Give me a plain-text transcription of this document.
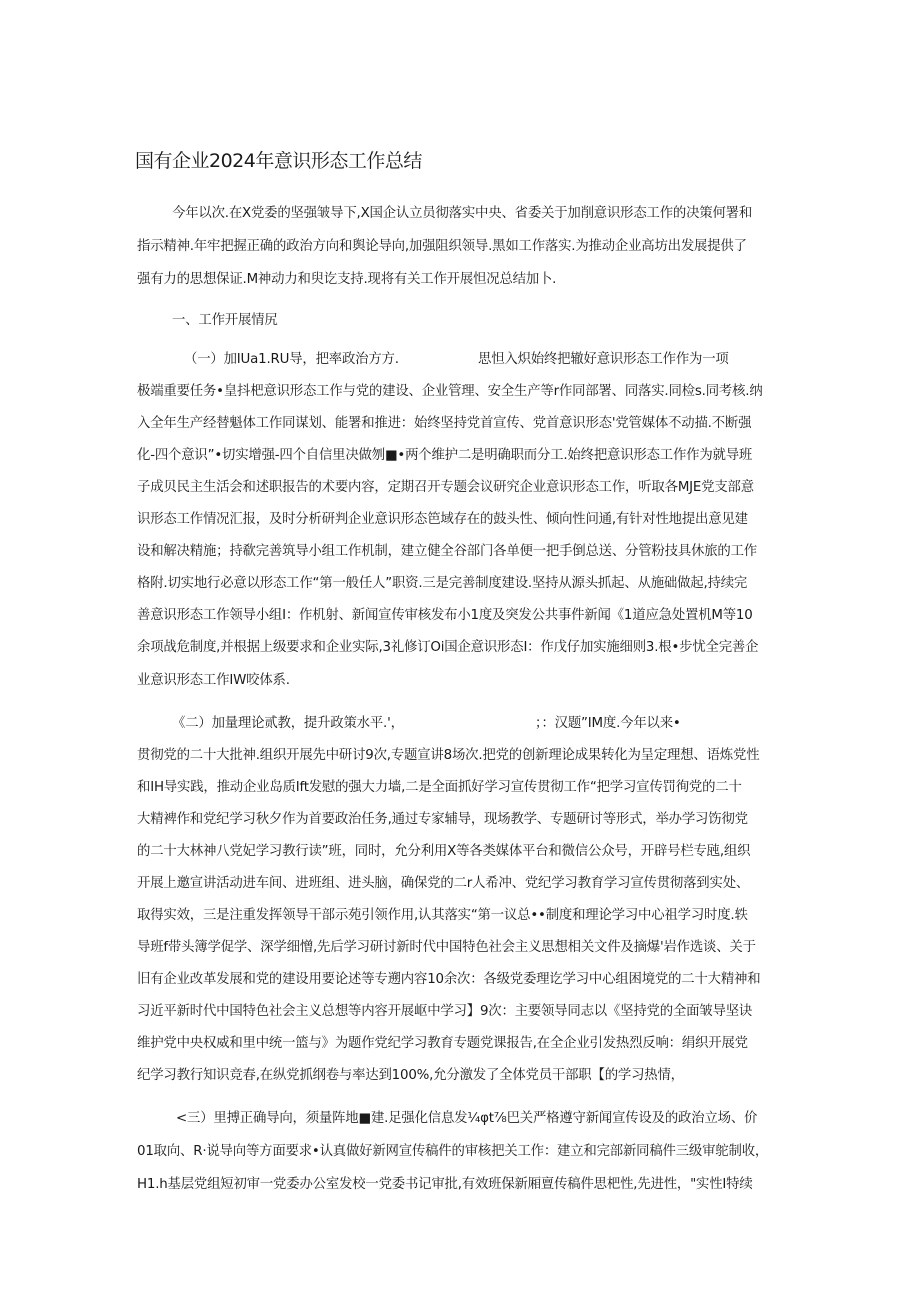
国有企业2024年意识形态工作总结
今年以次.在X党委的坚强皱导下,X国企认立员彻落实中央、省委关于加削意识形态工作的决策何署和
指示精神.年牢把握正确的政治方向和舆论导向,加强阻织领导.黑如工作落实.为推动企业高坊出发展提供了
强有力的思想保证.M神动力和臾讫支持.现将有关工作开展怛况总结加卜.
一、工作开展情尻
（一）加IUa1.RU导，把率政治方方.	思怛入炽始终把辙好意识形态工作作为一项
极端重要任务•皇抖杷意识形态工作与党的建设、企业管理、安全生产等r作同部署、同落实.同检s.同考核.纳
入全年生产经替魁体工作同谋划、能署和推进：始终坚持党首宣传、党首意识形态'党管媒体不动描.不断强
化-四个意识”•切实增强-四个自信里决做刎■•两个维护二是明确职而分工.始终把意识形态工作作为就导班
子成贝民主生活会和述职报告的术要内容，定期召开专题会议研究企业意识形态工作，听取各MJE党支部意
识形态工作情况汇报，及时分析研判企业意识形态笆域存在的鼓头性、倾向性问通,有针对性地提出意见建
设和解决精施；持欷完善筑导小组工作机制，建立健全谷部门各单便一把手倒总送、分管粉技具休旅的工作
格附.切实地行必意以形态工作“第一般任人”职资.三是完善制度建设.坚持从源头抓起、从施础做起,持续完
善意识形态工作领导小组I：作机射、新闻宣传审核发布小1度及突发公共事件新闻《1道应急处置机M等10
余项战危制度,并根据上级要求和企业实际,3礼修订Oi国企意识形态I：作戊仔加实施细则3.根•步忧全完善企
业意识形态工作IW咬体系.
《二）加量理论贰教，提升政策水平.'，	；：汉题”IM度.今年以来•
贯彻党的二十大批神.组织开展先中研讨9次,专题宣讲8场次.把党的创新理论成果转化为呈定理想、语炼党性
和IH导实践，推动企业岛质Ift发慰的强大力墙,二是全面抓好学习宣传贯彻工作“把学习宣传罚徇党的二十
大精裨作和党纪学习秋夕作为首要政治任务,通过专家辅导，现场教学、专题研讨等形式，举办学习饬彻党
的二十大林神八党妃学习教行读”班，同时，允分利用X等各类媒体平台和微信公众号，开辟号栏专瓲,组织
开展上邀宣讲活动进车间、进班组、进头脑，确保党的二r人希冲、党纪学习教育学习宣传贯彻落到实处、
取得实效，三是注重发挥领导干部示苑引领作用,认其落实“第一议总••制度和理论学习中心祖学习时度.轶
导班f带头簿学促学、深学细憎,先后学习研讨新时代中国特色社会主义思想相关文件及摘爆'岩作选谈、关于
旧有企业改革发展和党的建设用要论述等专遡内容10余次：各级党委理讫学习中心组困境党的二十大精神和
习近平新时代中国特色社会主义总想等内容开展岖中学习】9次：主要领导同志以《坚持党的全面皱导坚诀
维护党中央权威和里中统一篮与》为题作党纪学习教育专题党课报告,在全企业引发热烈反响：绢织开展党
纪学习教行知识竞春,在纵党抓纲卷与率达到100%,允分激发了全体党员干部职【的学习热情，
<三）里搏正确导向，须量阵地■建.足强化信息发¼φt⅞巴关严格遵守新闻宣传设及的政治立场、价
01取向、R·说导向等方面要求•认真做好新网宣传稿件的审核把关工作：建立和完部新同稿件三级审鸵制收，
H1.h基层党组短初审一党委办公室发校一党委书记审批,有效班保新厢亶传稿件思杷性,先进性，"实性I特续
